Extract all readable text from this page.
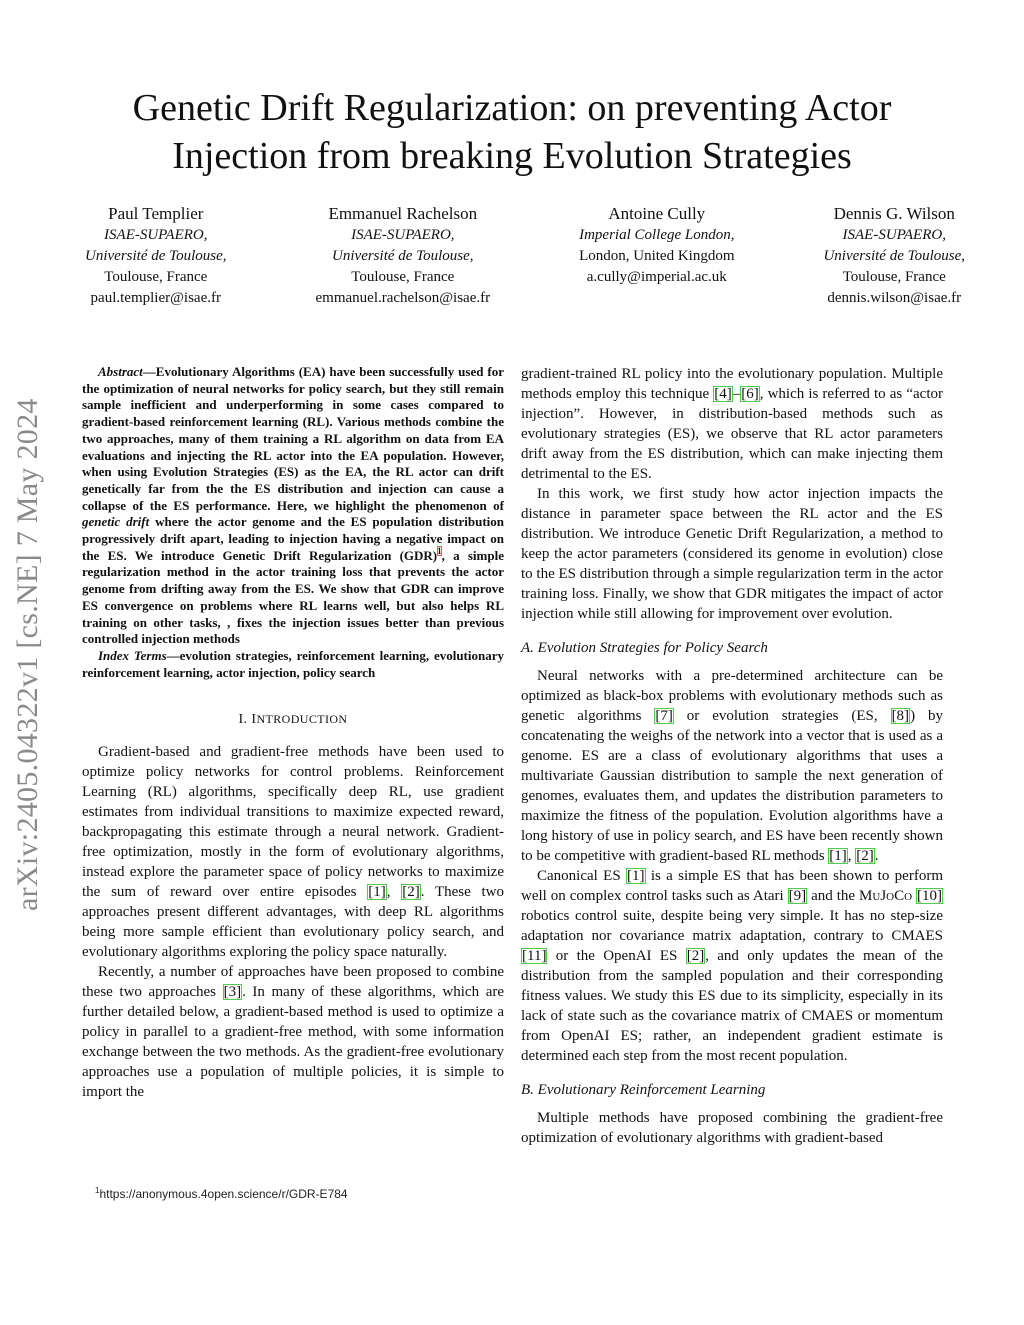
arXiv:2405.04322v1 [cs.NE] 7 May 2024
Genetic Drift Regularization: on preventing Actor
Injection from breaking Evolution Strategies
Paul Templier
ISAE-SUPAERO,
Université de Toulouse,
Toulouse, France
paul.templier@isae.fr
Emmanuel Rachelson
ISAE-SUPAERO,
Université de Toulouse,
Toulouse, France
emmanuel.rachelson@isae.fr
Antoine Cully
Imperial College London,
London, United Kingdom
a.cully@imperial.ac.uk
Dennis G. Wilson
ISAE-SUPAERO,
Université de Toulouse,
Toulouse, France
dennis.wilson@isae.fr

Abstract—Evolutionary Algorithms (EA) have been successfully used for the optimization of neural networks for policy search, but they still remain sample inefficient and underperforming in some cases compared to gradient-based reinforcement learning (RL). Various methods combine the two approaches, many of them training a RL algorithm on data from EA evaluations and injecting the RL actor into the EA population. However, when using Evolution Strategies (ES) as the EA, the RL actor can drift genetically far from the the ES distribution and injection can cause a collapse of the ES performance. Here, we highlight the phenomenon of genetic drift where the actor genome and the ES population distribution progressively drift apart, leading to injection having a negative impact on the ES. We introduce Genetic Drift Regularization (GDR)$^1$, a simple regularization method in the actor training loss that prevents the actor genome from drifting away from the ES. We show that GDR can improve ES convergence on problems where RL learns well, but also helps RL training on other tasks, , fixes the injection issues better than previous controlled injection methods

Index Terms—evolution strategies, reinforcement learning, evolutionary reinforcement learning, actor injection, policy search

I. INTRODUCTION

Gradient-based and gradient-free methods have been used to optimize policy networks for control problems. Reinforcement Learning (RL) algorithms, specifically deep RL, use gradient estimates from individual transitions to maximize expected reward, backpropagating this estimate through a neural network. Gradient-free optimization, mostly in the form of evolutionary algorithms, instead explore the parameter space of policy networks to maximize the sum of reward over entire episodes [1], [2]. These two approaches present different advantages, with deep RL algorithms being more sample efficient than evolutionary policy search, and evolutionary algorithms exploring the policy space naturally.

Recently, a number of approaches have been proposed to combine these two approaches [3]. In many of these algorithms, which are further detailed below, a gradient-based method is used to optimize a policy in parallel to a gradient-free method, with some information exchange between the two methods. As the gradient-free evolutionary approaches use a population of multiple policies, it is simple to import the

gradient-trained RL policy into the evolutionary population. Multiple methods employ this technique [4]–[6], which is referred to as “actor injection”. However, in distribution-based methods such as evolutionary strategies (ES), we observe that RL actor parameters drift away from the ES distribution, which can make injecting them detrimental to the ES.

In this work, we first study how actor injection impacts the distance in parameter space between the RL actor and the ES distribution. We introduce Genetic Drift Regularization, a method to keep the actor parameters (considered its genome in evolution) close to the ES distribution through a simple regularization term in the actor training loss. Finally, we show that GDR mitigates the impact of actor injection while still allowing for improvement over evolution.

A. Evolution Strategies for Policy Search

Neural networks with a pre-determined architecture can be optimized as black-box problems with evolutionary methods such as genetic algorithms [7] or evolution strategies (ES, [8]) by concatenating the weighs of the network into a vector that is used as a genome. ES are a class of evolutionary algorithms that uses a multivariate Gaussian distribution to sample the next generation of genomes, evaluates them, and updates the distribution parameters to maximize the fitness of the population. Evolution algorithms have a long history of use in policy search, and ES have been recently shown to be competitive with gradient-based RL methods [1], [2].

Canonical ES [1] is a simple ES that has been shown to perform well on complex control tasks such as Atari [9] and the MuJoCo [10] robotics control suite, despite being very simple. It has no step-size adaptation nor covariance matrix adaptation, contrary to CMAES [11] or the OpenAI ES [2], and only updates the mean of the distribution from the sampled population and their corresponding fitness values. We study this ES due to its simplicity, especially in its lack of state such as the covariance matrix of CMAES or momentum from OpenAI ES; rather, an independent gradient estimate is determined each step from the most recent population.

B. Evolutionary Reinforcement Learning

Multiple methods have proposed combining the gradient-free optimization of evolutionary algorithms with gradient-based

$^1$https://anonymous.4open.science/r/GDR-E784
